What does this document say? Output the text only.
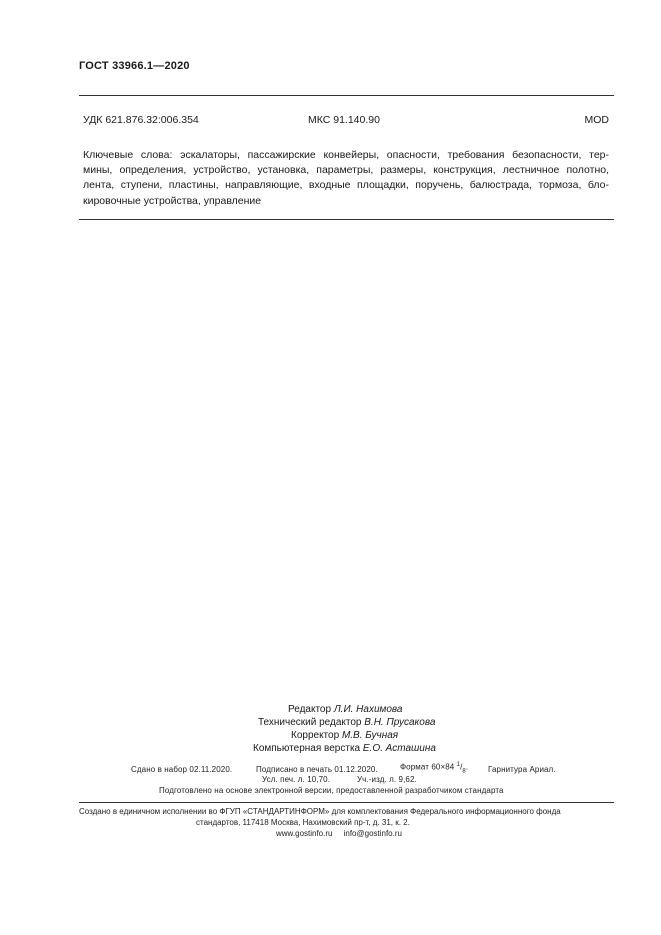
ГОСТ 33966.1—2020
УДК 621.876.32:006.354	МКС 91.140.90	MOD
Ключевые слова: эскалаторы, пассажирские конвейеры, опасности, требования безопасности, тер-
мины, определения, устройство, установка, параметры, размеры, конструкция, лестничное полотно,
лента, ступени, пластины, направляющие, входные площадки, поручень, балюстрада, тормоза, бло-
кировочные устройства, управление
Редактор Л.И. Нахимова
Технический редактор В.Н. Прусакова
Корректор М.В. Бучная
Компьютерная верстка Е.О. Асташина
Сдано в набор 02.11.2020.	Подписано в печать 01.12.2020.	Формат 60×84 $^1/_8$. Гарнитура Ариал.
Усл. печ. л. 10,70.	Уч.-изд. л. 9,62.
Подготовлено на основе электронной версии, предоставленной разработчиком стандарта
Создано в единичном исполнении во ФГУП «СТАНДАРТИНФОРМ» для комплектования Федерального информационного фонда
стандартов, 117418 Москва, Нахимовский пр-т, д. 31, к. 2.
www.gostinfo.ru info@gostinfo.ru
